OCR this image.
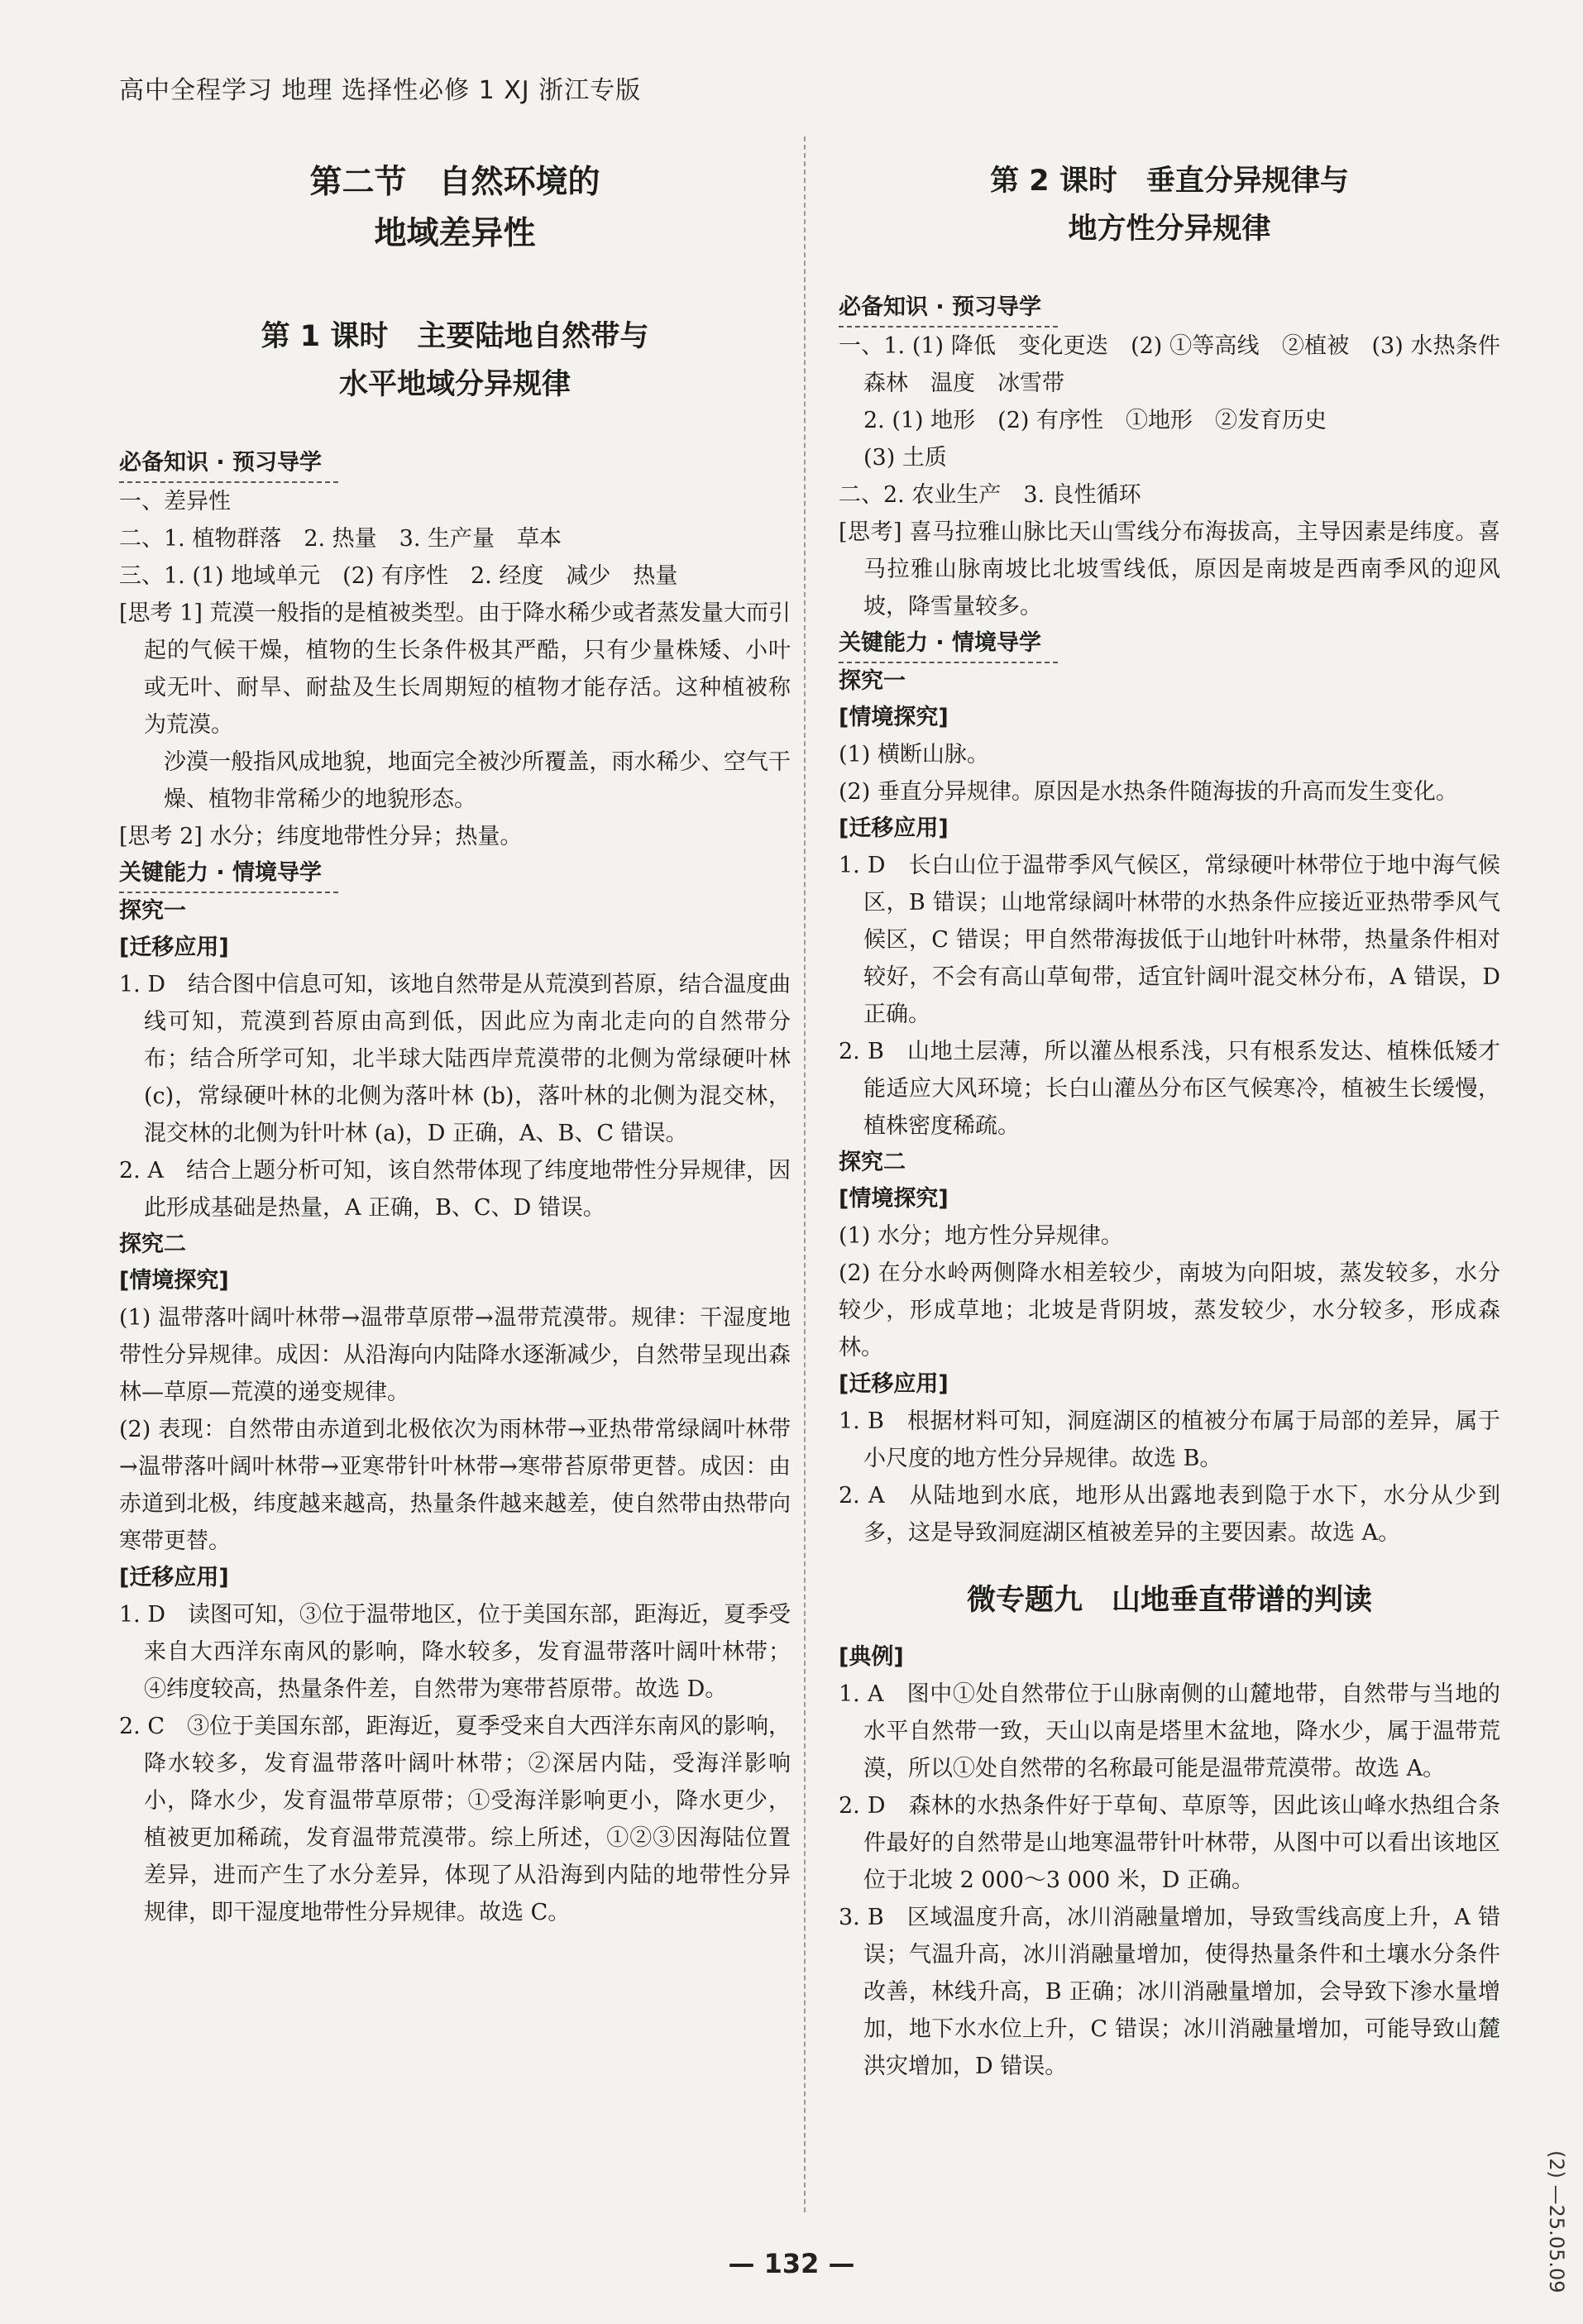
高中全程学习 地理 选择性必修 1 XJ 浙江专版
第二节　自然环境的
地域差异性
第 1 课时　主要陆地自然带与
水平地域分异规律
必备知识 · 预习导学

一、差异性

二、1. 植物群落　2. 热量　3. 生产量　草本

三、1. (1) 地域单元　(2) 有序性　2. 经度　减少　热量

[思考 1] 荒漠一般指的是植被类型。由于降水稀少或者蒸发量大而引起的气候干燥，植物的生长条件极其严酷，只有少量株矮、小叶或无叶、耐旱、耐盐及生长周期短的植物才能存活。这种植被称为荒漠。

沙漠一般指风成地貌，地面完全被沙所覆盖，雨水稀少、空气干燥、植物非常稀少的地貌形态。

[思考 2] 水分；纬度地带性分异；热量。

关键能力 · 情境导学
探究一
[迁移应用]

1. D　结合图中信息可知，该地自然带是从荒漠到苔原，结合温度曲线可知，荒漠到苔原由高到低，因此应为南北走向的自然带分布；结合所学可知，北半球大陆西岸荒漠带的北侧为常绿硬叶林 (c)，常绿硬叶林的北侧为落叶林 (b)，落叶林的北侧为混交林，混交林的北侧为针叶林 (a)，D 正确，A、B、C 错误。

2. A　结合上题分析可知，该自然带体现了纬度地带性分异规律，因此形成基础是热量，A 正确，B、C、D 错误。

探究二
[情境探究]

(1) 温带落叶阔叶林带→温带草原带→温带荒漠带。规律：干湿度地带性分异规律。成因：从沿海向内陆降水逐渐减少，自然带呈现出森林—草原—荒漠的递变规律。

(2) 表现：自然带由赤道到北极依次为雨林带→亚热带常绿阔叶林带→温带落叶阔叶林带→亚寒带针叶林带→寒带苔原带更替。成因：由赤道到北极，纬度越来越高，热量条件越来越差，使自然带由热带向寒带更替。

[迁移应用]

1. D　读图可知，③位于温带地区，位于美国东部，距海近，夏季受来自大西洋东南风的影响，降水较多，发育温带落叶阔叶林带；④纬度较高，热量条件差，自然带为寒带苔原带。故选 D。

2. C　③位于美国东部，距海近，夏季受来自大西洋东南风的影响，降水较多，发育温带落叶阔叶林带；②深居内陆，受海洋影响小，降水少，发育温带草原带；①受海洋影响更小，降水更少，植被更加稀疏，发育温带荒漠带。综上所述，①②③因海陆位置差异，进而产生了水分差异，体现了从沿海到内陆的地带性分异规律，即干湿度地带性分异规律。故选 C。

第 2 课时　垂直分异规律与
地方性分异规律
必备知识 · 预习导学

一、1. (1) 降低　变化更迭　(2) ①等高线　②植被　(3) 水热条件　森林　温度　冰雪带

2. (1) 地形　(2) 有序性　①地形　②发育历史

(3) 土质

二、2. 农业生产　3. 良性循环

[思考] 喜马拉雅山脉比天山雪线分布海拔高，主导因素是纬度。喜马拉雅山脉南坡比北坡雪线低，原因是南坡是西南季风的迎风坡，降雪量较多。

关键能力 · 情境导学
探究一
[情境探究]

(1) 横断山脉。

(2) 垂直分异规律。原因是水热条件随海拔的升高而发生变化。

[迁移应用]

1. D　长白山位于温带季风气候区，常绿硬叶林带位于地中海气候区，B 错误；山地常绿阔叶林带的水热条件应接近亚热带季风气候区，C 错误；甲自然带海拔低于山地针叶林带，热量条件相对较好，不会有高山草甸带，适宜针阔叶混交林分布，A 错误，D 正确。

2. B　山地土层薄，所以灌丛根系浅，只有根系发达、植株低矮才能适应大风环境；长白山灌丛分布区气候寒冷，植被生长缓慢，植株密度稀疏。

探究二
[情境探究]

(1) 水分；地方性分异规律。

(2) 在分水岭两侧降水相差较少，南坡为向阳坡，蒸发较多，水分较少，形成草地；北坡是背阴坡，蒸发较少，水分较多，形成森林。

[迁移应用]

1. B　根据材料可知，洞庭湖区的植被分布属于局部的差异，属于小尺度的地方性分异规律。故选 B。

2. A　从陆地到水底，地形从出露地表到隐于水下，水分从少到多，这是导致洞庭湖区植被差异的主要因素。故选 A。

微专题九　山地垂直带谱的判读
[典例]

1. A　图中①处自然带位于山脉南侧的山麓地带，自然带与当地的水平自然带一致，天山以南是塔里木盆地，降水少，属于温带荒漠，所以①处自然带的名称最可能是温带荒漠带。故选 A。

2. D　森林的水热条件好于草甸、草原等，因此该山峰水热组合条件最好的自然带是山地寒温带针叶林带，从图中可以看出该地区位于北坡 2 000～3 000 米，D 正确。

3. B　区域温度升高，冰川消融量增加，导致雪线高度上升，A 错误；气温升高，冰川消融量增加，使得热量条件和土壤水分条件改善，林线升高，B 正确；冰川消融量增加，会导致下渗水量增加，地下水水位上升，C 错误；冰川消融量增加，可能导致山麓洪灾增加，D 错误。

— 132 —	(2) —25.05.09
